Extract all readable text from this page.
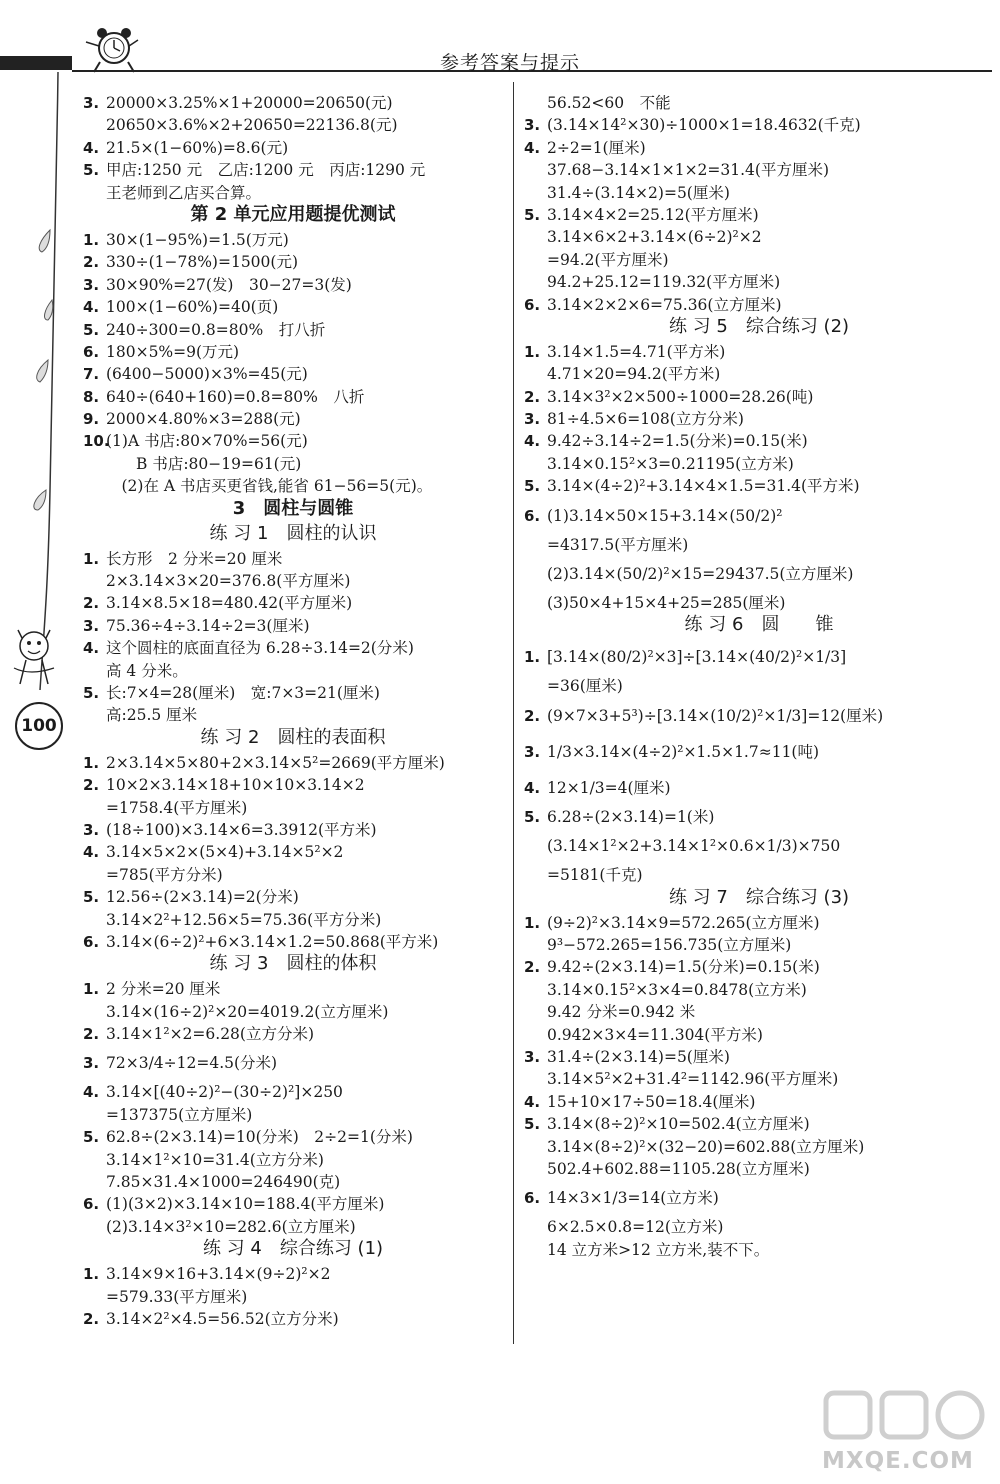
参考答案与提示
100
3. 20000×3.25%×1+20000=20650(元)
20650×3.6%×2+20650=22136.8(元)
4. 21.5×(1−60%)=8.6(元)
5. 甲店:1250 元　乙店:1200 元　丙店:1290 元
王老师到乙店买合算。
第 2 单元应用题提优测试
1. 30×(1−95%)=1.5(万元)
2. 330÷(1−78%)=1500(元)
3. 30×90%=27(发)　30−27=3(发)
4. 100×(1−60%)=40(页)
5. 240÷300=0.8=80%　打八折
6. 180×5%=9(万元)
7. (6400−5000)×3%=45(元)
8. 640÷(640+160)=0.8=80%　八折
9. 2000×4.80%×3=288(元)
10.
(1)A 书店:80×70%=56(元)
B 书店:80−19=61(元)
　(2)在 A 书店买更省钱,能省 61−56=5(元)。
3　圆柱与圆锥
练 习 1　圆柱的认识
1. 长方形　2 分米=20 厘米
2×3.14×3×20=376.8(平方厘米)
2. 3.14×8.5×18=480.42(平方厘米)
3. 75.36÷4÷3.14÷2=3(厘米)
4. 这个圆柱的底面直径为 6.28÷3.14=2(分米)
高 4 分米。
5. 长:7×4=28(厘米)　宽:7×3=21(厘米)
高:25.5 厘米
练 习 2　圆柱的表面积
1. 2×3.14×5×80+2×3.14×5²=2669(平方厘米)
2. 10×2×3.14×18+10×10×3.14×2
=1758.4(平方厘米)
3. (18÷100)×3.14×6=3.3912(平方米)
4. 3.14×5×2×(5×4)+3.14×5²×2
=785(平方分米)
5. 12.56÷(2×3.14)=2(分米)
3.14×2²+12.56×5=75.36(平方分米)
6. 3.14×(6÷2)²+6×3.14×1.2=50.868(平方米)
练 习 3　圆柱的体积
1. 2 分米=20 厘米
3.14×(16÷2)²×20=4019.2(立方厘米)
2. 3.14×1²×2=6.28(立方分米)
3. 72×3/4÷12=4.5(分米)
4. 3.14×[(40÷2)²−(30÷2)²]×250
=137375(立方厘米)
5. 62.8÷(2×3.14)=10(分米)　2÷2=1(分米)
3.14×1²×10=31.4(立方分米)
7.85×31.4×1000=246490(克)
6. (1)(3×2)×3.14×10=188.4(平方厘米)
(2)3.14×3²×10=282.6(立方厘米)
练 习 4　综合练习 (1)
1. 3.14×9×16+3.14×(9÷2)²×2
=579.33(平方厘米)
2. 3.14×2²×4.5=56.52(立方分米)
56.52<60　不能
3. (3.14×14²×30)÷1000×1=18.4632(千克)
4. 2÷2=1(厘米)
37.68−3.14×1×1×2=31.4(平方厘米)
31.4÷(3.14×2)=5(厘米)
5. 3.14×4×2=25.12(平方厘米)
3.14×6×2+3.14×(6÷2)²×2
=94.2(平方厘米)
94.2+25.12=119.32(平方厘米)
6. 3.14×2×2×6=75.36(立方厘米)
练 习 5　综合练习 (2)
1. 3.14×1.5=4.71(平方米)
4.71×20=94.2(平方米)
2. 3.14×3²×2×500÷1000=28.26(吨)
3. 81÷4.5×6=108(立方分米)
4. 9.42÷3.14÷2=1.5(分米)=0.15(米)
3.14×0.15²×3=0.21195(立方米)
5. 3.14×(4÷2)²+3.14×4×1.5=31.4(平方米)
6. (1)3.14×50×15+3.14×(50/2)²
=4317.5(平方厘米)
(2)3.14×(50/2)²×15=29437.5(立方厘米)
(3)50×4+15×4+25=285(厘米)
练 习 6　圆　　锥
1. [3.14×(80/2)²×3]÷[3.14×(40/2)²×1/3]
=36(厘米)
2. (9×7×3+5³)÷[3.14×(10/2)²×1/3]=12(厘米)
3. 1/3×3.14×(4÷2)²×1.5×1.7≈11(吨)
4. 12×1/3=4(厘米)
5. 6.28÷(2×3.14)=1(米)
(3.14×1²×2+3.14×1²×0.6×1/3)×750
=5181(千克)
练 习 7　综合练习 (3)
1. (9÷2)²×3.14×9=572.265(立方厘米)
9³−572.265=156.735(立方厘米)
2. 9.42÷(2×3.14)=1.5(分米)=0.15(米)
3.14×0.15²×3×4=0.8478(立方米)
9.42 分米=0.942 米
0.942×3×4=11.304(平方米)
3. 31.4÷(2×3.14)=5(厘米)
3.14×5²×2+31.4²=1142.96(平方厘米)
4. 15+10×17÷50=18.4(厘米)
5. 3.14×(8÷2)²×10=502.4(立方厘米)
3.14×(8÷2)²×(32−20)=602.88(立方厘米)
502.4+602.88=1105.28(立方厘米)
6. 14×3×1/3=14(立方米)
6×2.5×0.8=12(立方米)
14 立方米>12 立方米,装不下。
MXQE.COM
